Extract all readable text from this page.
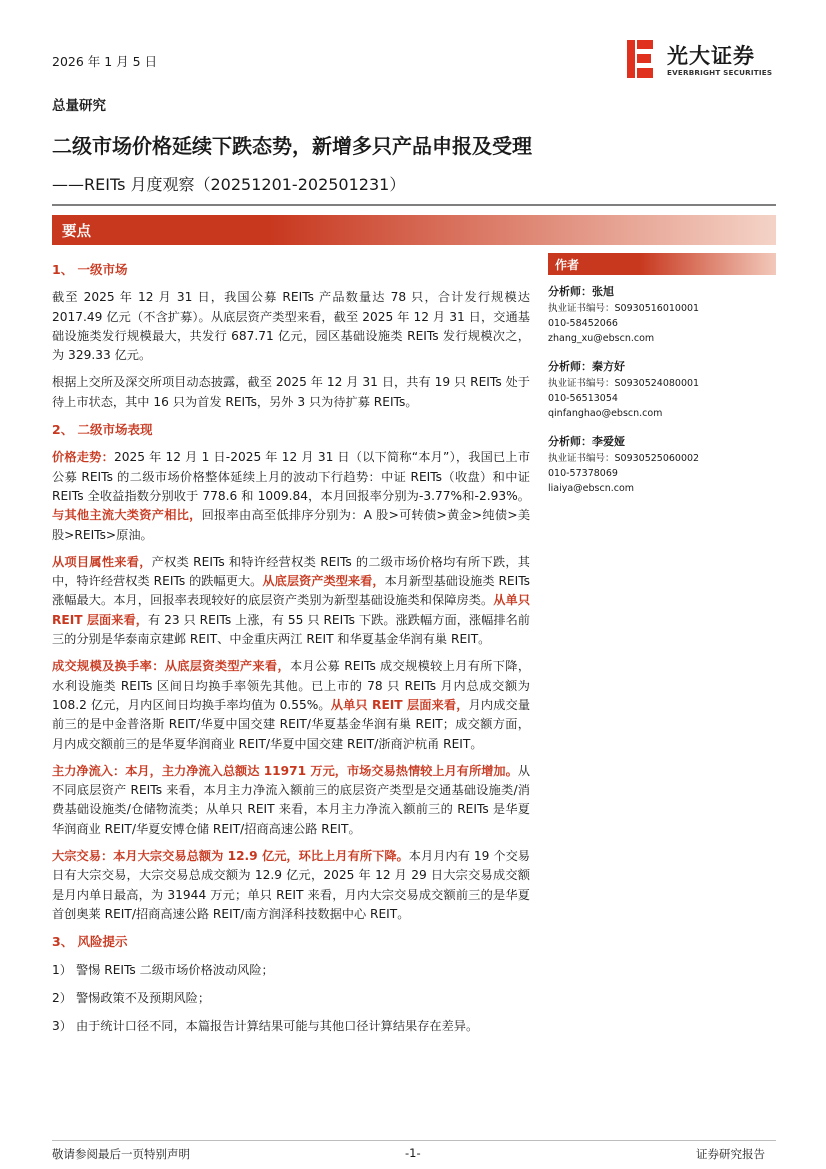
2026 年 1 月 5 日	光大证券
EVERBRIGHT SECURITIES
总量研究
二级市场价格延续下跌态势，新增多只产品申报及受理
——REITs 月度观察（20251201-202501231）
要点

1、 一级市场

截至 2025 年 12 月 31 日，我国公募 REITs 产品数量达 78 只，合计发行规模达 2017.49 亿元（不含扩募）。从底层资产类型来看，截至 2025 年 12 月 31 日，交通基础设施类发行规模最大，共发行 687.71 亿元，园区基础设施类 REITs 发行规模次之，为 329.33 亿元。

根据上交所及深交所项目动态披露，截至 2025 年 12 月 31 日，共有 19 只 REITs 处于待上市状态，其中 16 只为首发 REITs，另外 3 只为待扩募 REITs。

2、 二级市场表现

价格走势：2025 年 12 月 1 日-2025 年 12 月 31 日（以下简称“本月”），我国已上市公募 REITs 的二级市场价格整体延续上月的波动下行趋势：中证 REITs（收盘）和中证 REITs 全收益指数分别收于 778.6 和 1009.84，本月回报率分别为-3.77%和-2.93%。与其他主流大类资产相比，回报率由高至低排序分别为：A 股>可转债>黄金>纯债>美股>REITs>原油。

从项目属性来看，产权类 REITs 和特许经营权类 REITs 的二级市场价格均有所下跌，其中，特许经营权类 REITs 的跌幅更大。从底层资产类型来看，本月新型基础设施类 REITs 涨幅最大。本月，回报率表现较好的底层资产类别为新型基础设施类和保障房类。从单只 REIT 层面来看，有 23 只 REITs 上涨，有 55 只 REITs 下跌。涨跌幅方面，涨幅排名前三的分别是华泰南京建邺 REIT、中金重庆两江 REIT 和华夏基金华润有巢 REIT。

成交规模及换手率：从底层资类型产来看，本月公募 REITs 成交规模较上月有所下降，水利设施类 REITs 区间日均换手率领先其他。已上市的 78 只 REITs 月内总成交额为 108.2 亿元，月内区间日均换手率均值为 0.55%。从单只 REIT 层面来看，月内成交量前三的是中金普洛斯 REIT/华夏中国交建 REIT/华夏基金华润有巢 REIT；成交额方面，月内成交额前三的是华夏华润商业 REIT/华夏中国交建 REIT/浙商沪杭甬 REIT。

主力净流入：本月，主力净流入总额达 11971 万元，市场交易热情较上月有所增加。从不同底层资产 REITs 来看，本月主力净流入额前三的底层资产类型是交通基础设施类/消费基础设施类/仓储物流类；从单只 REIT 来看，本月主力净流入额前三的 REITs 是华夏华润商业 REIT/华夏安博仓储 REIT/招商高速公路 REIT。

大宗交易：本月大宗交易总额为 12.9 亿元，环比上月有所下降。本月月内有 19 个交易日有大宗交易，大宗交易总成交额为 12.9 亿元，2025 年 12 月 29 日大宗交易成交额是月内单日最高，为 31944 万元；单只 REIT 来看，月内大宗交易成交额前三的是华夏首创奥莱 REIT/招商高速公路 REIT/南方润泽科技数据中心 REIT。

3、 风险提示

1） 警惕 REITs 二级市场价格波动风险；

2） 警惕政策不及预期风险；

3） 由于统计口径不同，本篇报告计算结果可能与其他口径计算结果存在差异。

作者
分析师：张旭
执业证书编号：S0930516010001
010-58452066
zhang_xu@ebscn.com
分析师：秦方好
执业证书编号：S0930524080001
010-56513054
qinfanghao@ebscn.com
分析师：李爱娅
执业证书编号：S0930525060002
010-57378069
liaiya@ebscn.com
敬请参阅最后一页特别声明	-1-	证券研究报告
